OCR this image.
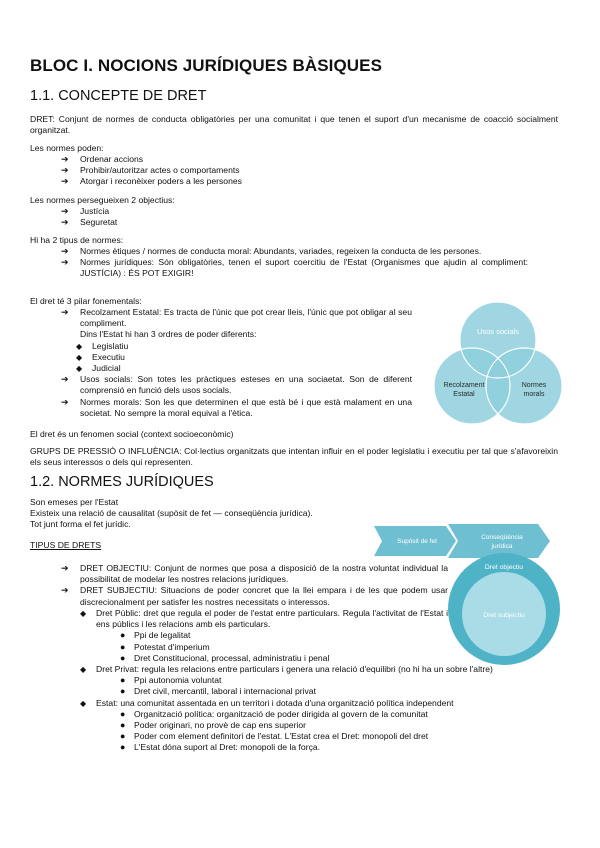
BLOC I. NOCIONS JURÍDIQUES BÀSIQUES
1.1. CONCEPTE DE DRET

DRET: Conjunt de normes de conducta obligatòries per una comunitat i que tenen el suport d'un mecanisme de coacció socialment organitzat.

Les normes poden:

➔ Ordenar accions
➔ Prohibir/autoritzar actes o comportaments
➔ Atorgar i reconèixer poders a les persones

Les normes persegueixen 2 objectius:

➔ Justícia
➔ Seguretat

Hi ha 2 tipus de normes:

➔ Normes ètiques / normes de conducta moral: Abundants, variades, regeixen la conducta de les persones.
➔ Normes jurídiques: Són obligatòries, tenen el suport coercitiu de l'Estat (Organismes que ajudin al compliment: JUSTÍCIA) : ÉS POT EXIGIR!

El dret té 3 pilar fonementals:

➔ Recolzament Estatal: Es tracta de l'únic que pot crear lleis, l'únic que pot obligar al seu compliment.
Dins l'Estat hi han 3 ordres de poder diferents:
◆ Legislatiu
◆ Executiu
◆ Judicial
➔ Usos socials: Son totes les pràctiques esteses en una sociaetat. Son de diferent comprensió en funció dels usos socials.
➔ Normes morals: Son les que determinen el que està bé i que està malament en una societat. No sempre la moral equival a l'ètica.
Usos socials
Recolzament
Estatal
Normes
morals

El dret és un fenomen social (context socioeconòmic)

GRUPS DE PRESSIÓ O INFLUÈNCIA: Col·lectius organitzats que intentan influir en el poder legislatiu i executiu per tal que s'afavoreixin els seus interessos o dels qui representen.

1.2. NORMES JURÍDIQUES

Son emeses per l'Estat

Existeix una relació de causalitat (supòsit de fet — conseqüència jurídica).

Tot junt forma el fet jurídic.

TIPUS DE DRETS	Supòsit de fet
Conseqüència
jurídica
Dret objectiu
Dret subjectiu
➔ DRET OBJECTIU: Conjunt de normes que posa a disposició de la nostra voluntat individual la possibilitat de modelar les nostres relacions jurídiques.
➔ DRET SUBJECTIU: Situacions de poder concret que la llei empara i de les que podem usar discrecionalment per satisfer les nostres necessitats o interessos.
◆ Dret Públic: dret que regula el poder de l'estat entre particulars. Regula l'activitat de l'Estat i ens públics i les relacions amb els particulars.
● Ppi de legalitat
● Potestat d'imperium
● Dret Constitucional, processal, administratiu i penal
◆ Dret Privat: regula les relacions entre particulars i genera una relació d'equilibri (no hi ha un sobre l'altre)
● Ppi autonomia voluntat
● Dret civil, mercantil, laboral i internacional privat
◆ Estat: una comunitat assentada en un territori i dotada d'una organització política independent
● Organització política: organització de poder dirigida al govern de la comunitat
● Poder originari, no provè de cap ens superior
● Poder com element definitori de l'estat. L'Estat crea el Dret: monopoli del dret
● L'Estat dóna suport al Dret: monopoli de la força.
